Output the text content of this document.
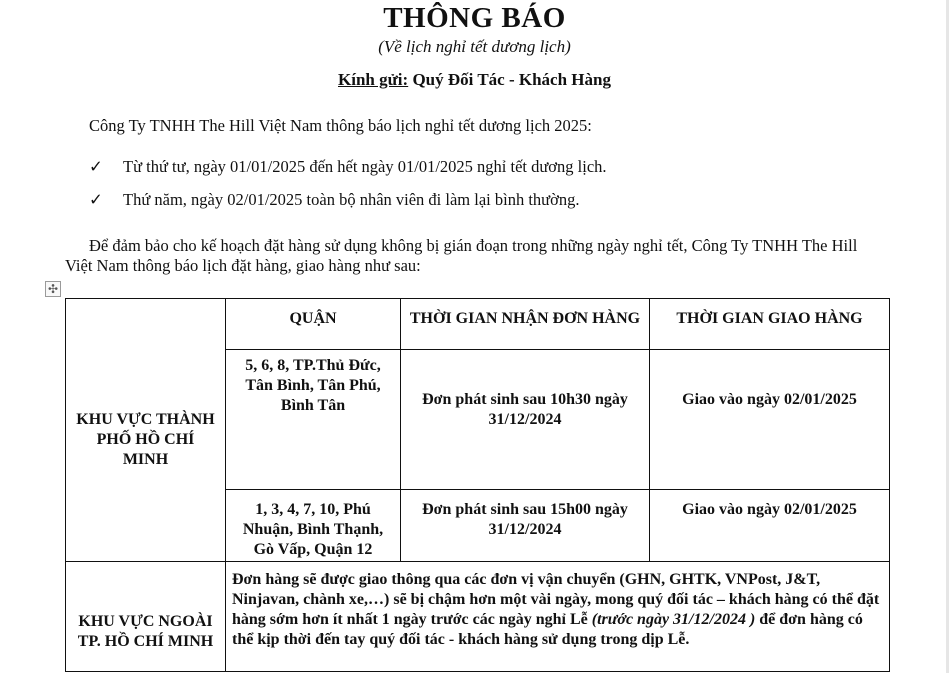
THÔNG BÁO
(Về lịch nghỉ tết dương lịch)
Kính gửi: Quý Đối Tác - Khách Hàng
Công Ty TNHH The Hill Việt Nam thông báo lịch nghỉ tết dương lịch 2025:
✓ Từ thứ tư, ngày 01/01/2025 đến hết ngày 01/01/2025 nghỉ tết dương lịch.
✓ Thứ năm, ngày 02/01/2025 toàn bộ nhân viên đi làm lại bình thường.
Để đảm bảo cho kế hoạch đặt hàng sử dụng không bị gián đoạn trong những ngày nghỉ tết, Công Ty TNHH The Hill Việt Nam thông báo lịch đặt hàng, giao hàng như sau:
✣
KHU VỰC THÀNH PHỐ HỒ CHÍ MINH	QUẬN	THỜI GIAN NHẬN ĐƠN HÀNG	THỜI GIAN GIAO HÀNG
	5, 6, 8, TP.Thủ Đức, Tân Bình, Tân Phú, Bình Tân	Đơn phát sinh sau 10h30 ngày 31/12/2024	Giao vào ngày 02/01/2025
	1, 3, 4, 7, 10, Phú Nhuận, Bình Thạnh, Gò Vấp, Quận 12	Đơn phát sinh sau 15h00 ngày 31/12/2024	Giao vào ngày 02/01/2025
KHU VỰC NGOÀI TP. HỒ CHÍ MINH	Đơn hàng sẽ được giao thông qua các đơn vị vận chuyển (GHN, GHTK, VNPost, J&T, Ninjavan, chành xe,…) sẽ bị chậm hơn một vài ngày, mong quý đối tác – khách hàng có thể đặt hàng sớm hơn ít nhất 1 ngày trước các ngày nghỉ Lễ (trước ngày 31/12/2024 ) để đơn hàng có thể kịp thời đến tay quý đối tác - khách hàng sử dụng trong dịp Lễ.		
